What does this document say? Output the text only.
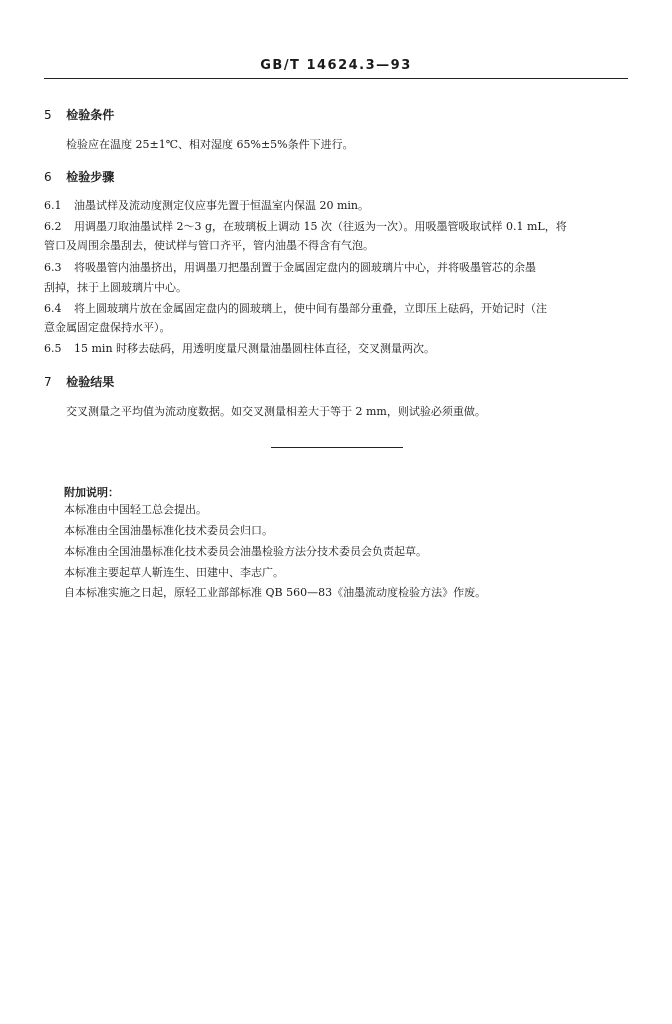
GB/T 14624.3—93
5 检验条件
检验应在温度 25±1℃、相对湿度 65%±5%条件下进行。
6 检验步骤
6.1 油墨试样及流动度测定仪应事先置于恒温室内保温 20 min。
6.2 用调墨刀取油墨试样 2～3 g，在玻璃板上调动 15 次（往返为一次）。用吸墨管吸取试样 0.1 mL，将
管口及周围余墨刮去，使试样与管口齐平，管内油墨不得含有气泡。
6.3 将吸墨管内油墨挤出，用调墨刀把墨刮置于金属固定盘内的圆玻璃片中心，并将吸墨管芯的余墨
刮掉，抹于上圆玻璃片中心。
6.4 将上圆玻璃片放在金属固定盘内的圆玻璃上，使中间有墨部分重叠，立即压上砝码，开始记时（注
意金属固定盘保持水平）。
6.5 15 min 时移去砝码，用透明度量尺测量油墨圆柱体直径，交叉测量两次。
7 检验结果
交叉测量之平均值为流动度数据。如交叉测量相差大于等于 2 mm，则试验必须重做。
附加说明：
本标准由中国轻工总会提出。
本标准由全国油墨标准化技术委员会归口。
本标准由全国油墨标准化技术委员会油墨检验方法分技术委员会负责起草。
本标准主要起草人靳连生、田建中、李志广。
自本标准实施之日起，原轻工业部部标准 QB 560—83《油墨流动度检验方法》作废。
